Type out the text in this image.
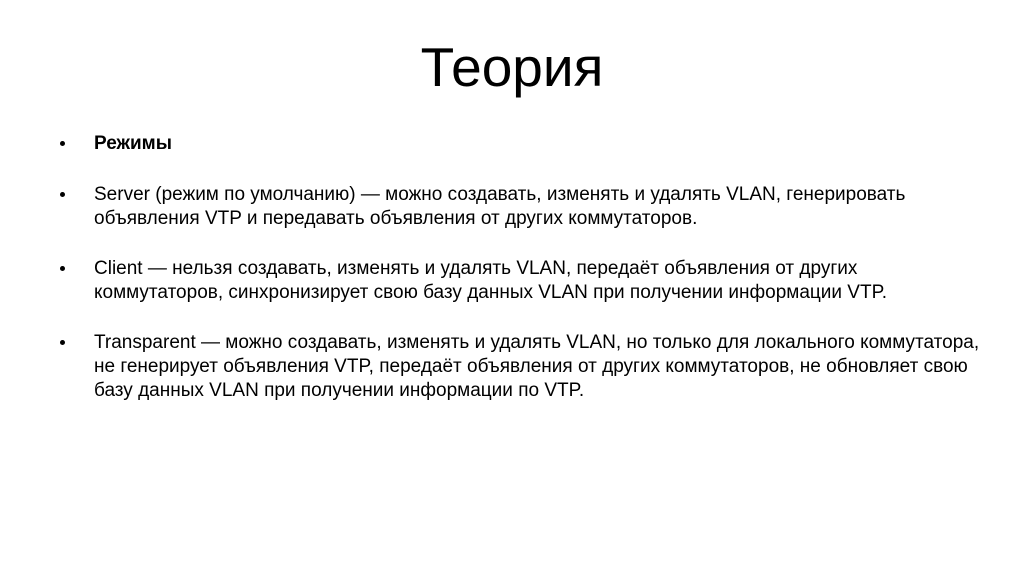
Теория
Режимы
Server (режим по умолчанию) — можно создавать, изменять и удалять VLAN, генерировать объявления VTP и передавать объявления от других коммутаторов.
Client — нельзя создавать, изменять и удалять VLAN, передаёт объявления от других коммутаторов, синхронизирует свою базу данных VLAN при получении информации VTP.
Transparent — можно создавать, изменять и удалять VLAN, но только для локального коммутатора, не генерирует объявления VTP, передаёт объявления от других коммутаторов, не обновляет свою базу данных VLAN при получении информации по VTP.
